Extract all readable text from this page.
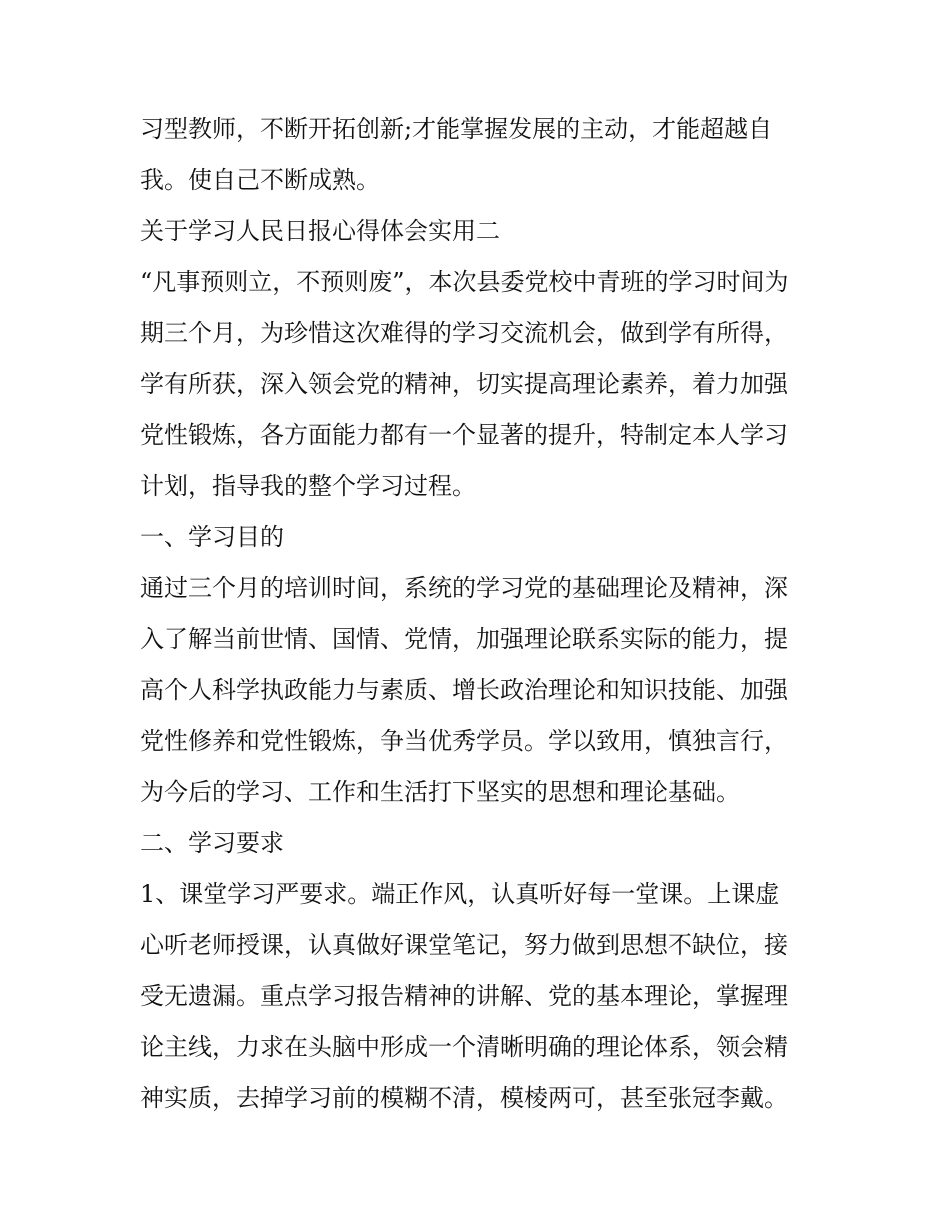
习型教师，不断开拓创新;才能掌握发展的主动，才能超越自
我。使自己不断成熟。
关于学习人民日报心得体会实用二
“凡事预则立，不预则废”，本次县委党校中青班的学习时间为
期三个月，为珍惜这次难得的学习交流机会，做到学有所得，
学有所获，深入领会党的精神，切实提高理论素养，着力加强
党性锻炼，各方面能力都有一个显著的提升，特制定本人学习
计划，指导我的整个学习过程。
一、学习目的
通过三个月的培训时间，系统的学习党的基础理论及精神，深
入了解当前世情、国情、党情，加强理论联系实际的能力，提
高个人科学执政能力与素质、增长政治理论和知识技能、加强
党性修养和党性锻炼，争当优秀学员。学以致用，慎独言行，
为今后的学习、工作和生活打下坚实的思想和理论基础。
二、学习要求
1、课堂学习严要求。端正作风，认真听好每一堂课。上课虚
心听老师授课，认真做好课堂笔记，努力做到思想不缺位，接
受无遗漏。重点学习报告精神的讲解、党的基本理论，掌握理
论主线，力求在头脑中形成一个清晰明确的理论体系，领会精
神实质，去掉学习前的模糊不清，模棱两可，甚至张冠李戴。
